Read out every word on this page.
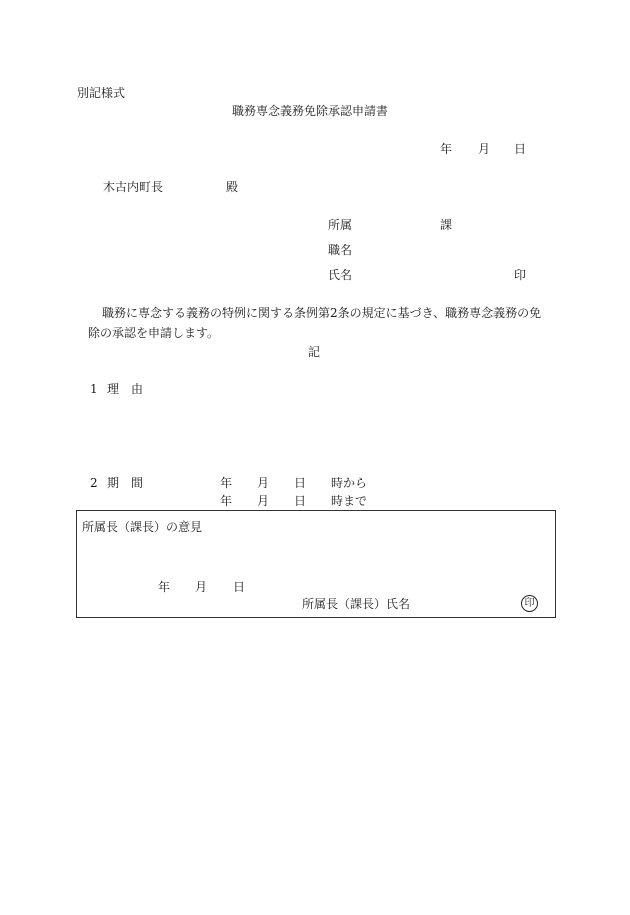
別記様式
職務専念義務免除承認申請書
年 月 日
木古内町長	殿
所属	課
職名
氏名	印
職務に専念する義務の特例に関する条例第2条の規定に基づき、職務専念義務の免
除の承認を申請します。
記
1 理　由
2 期　間	年 月 日 時から
年 月 日 時まで
所属長（課長）の意見
年 月 日
所属長（課長）氏名	印
